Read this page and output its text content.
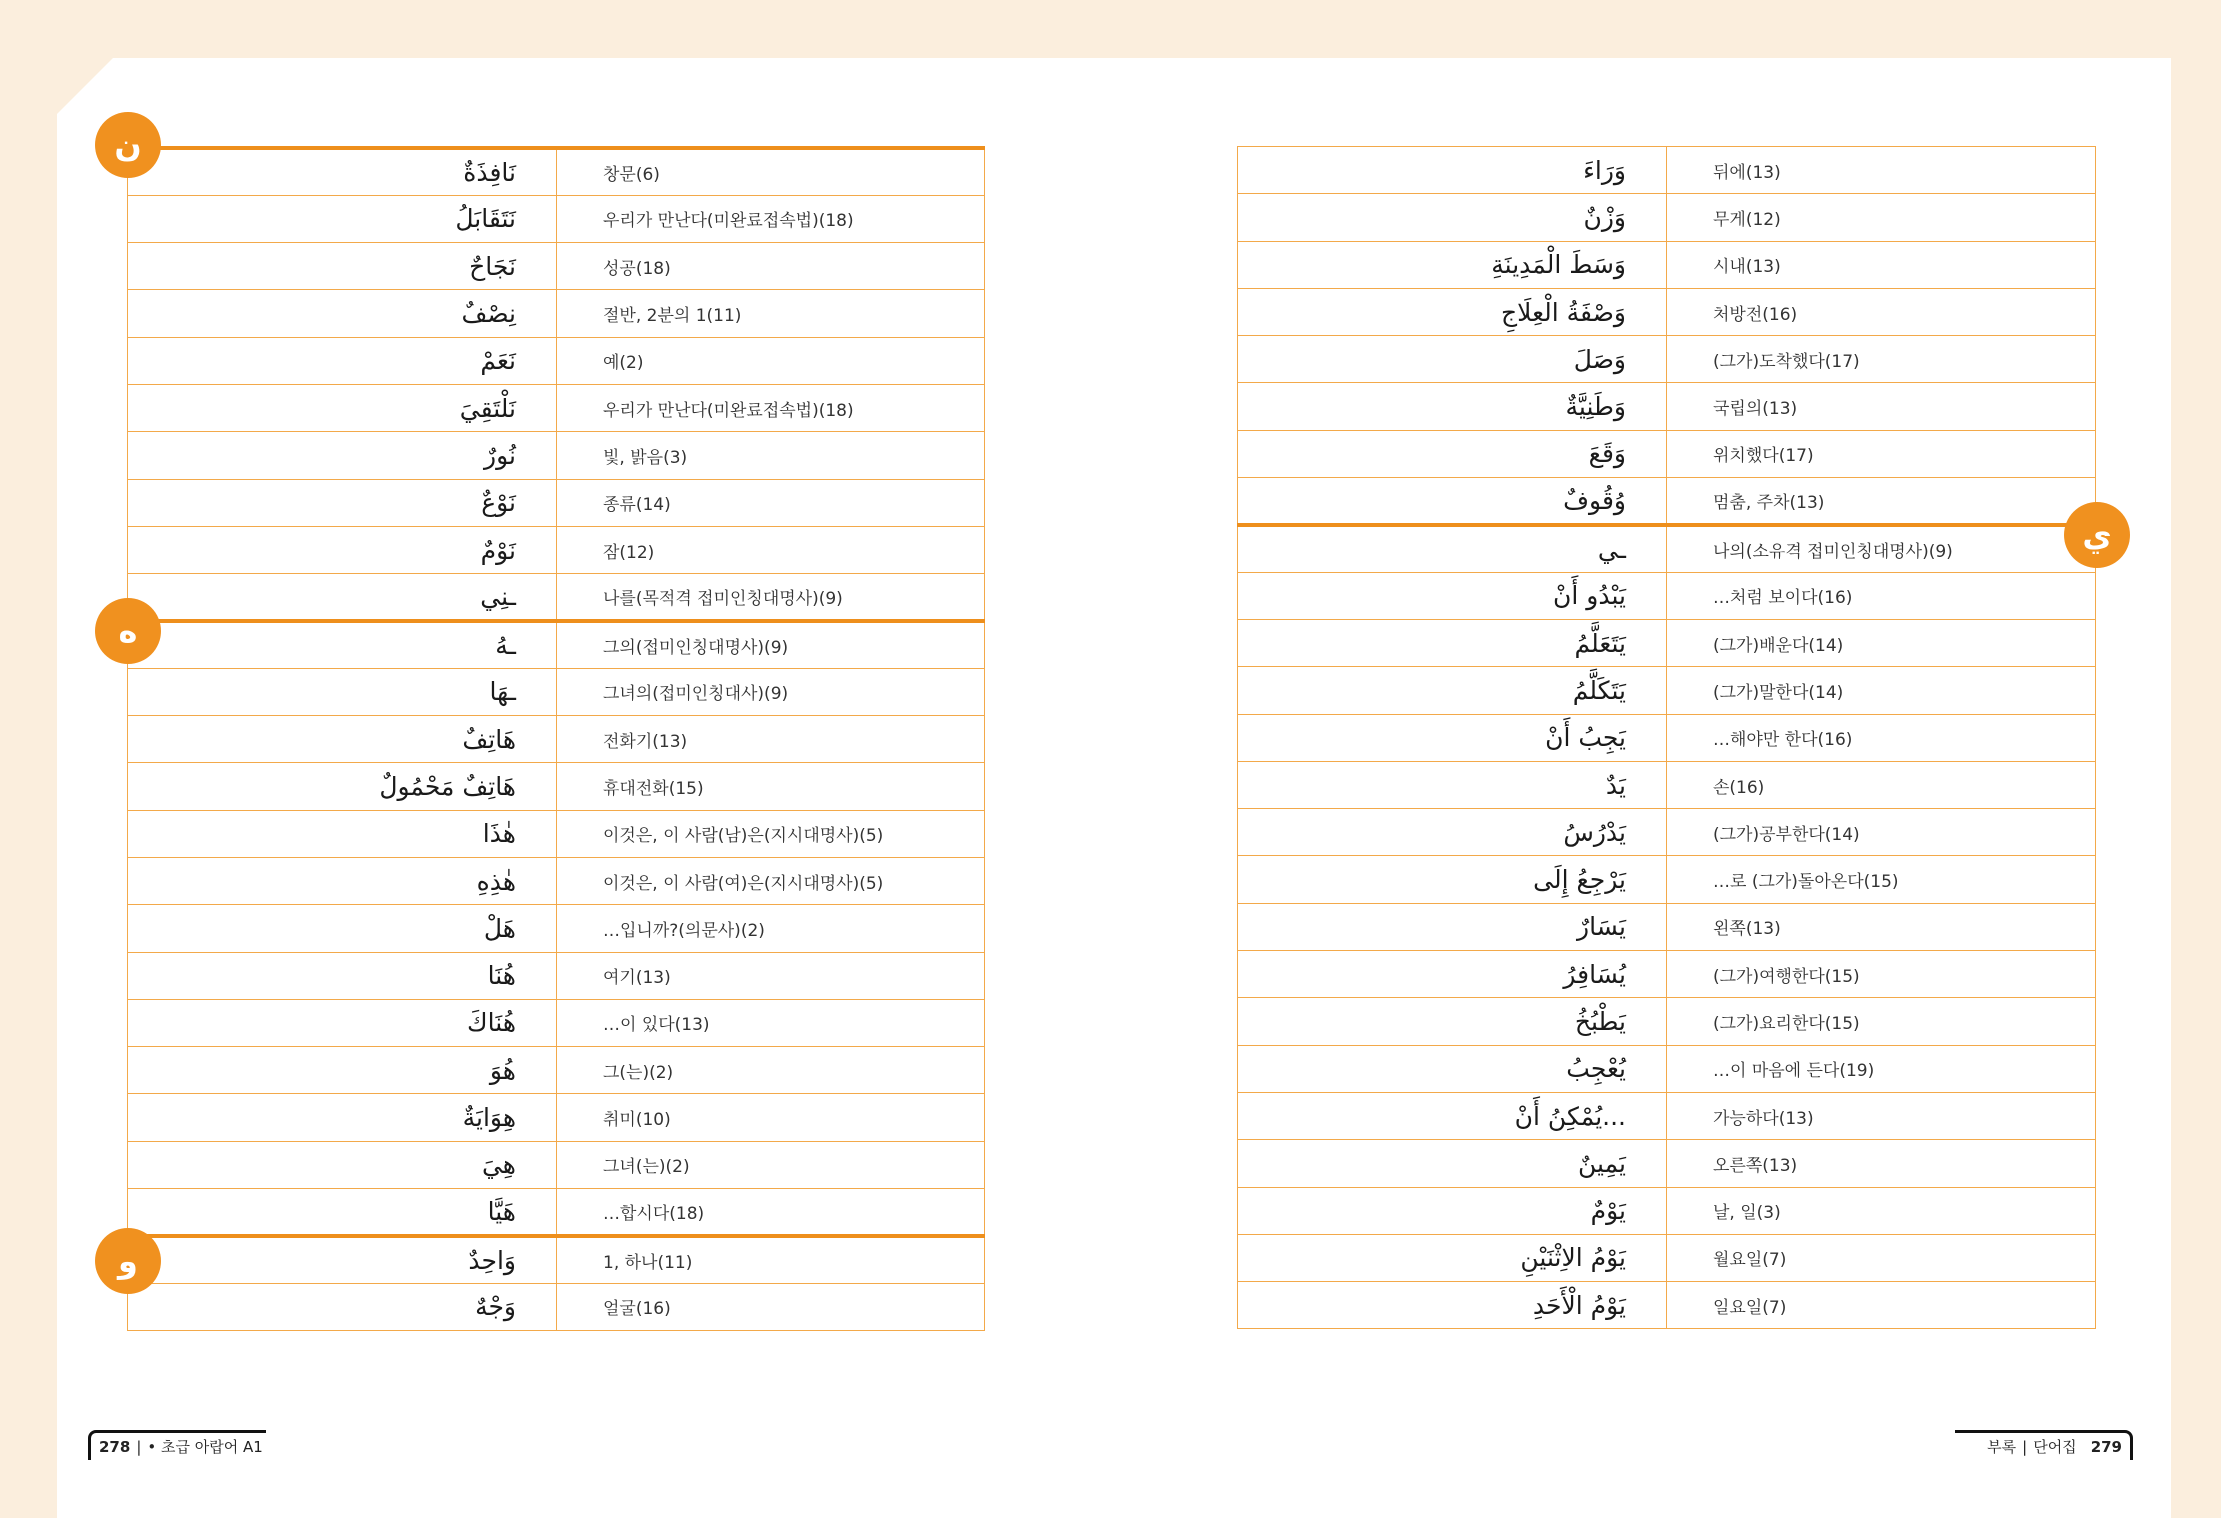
نَافِذَةٌ	창문(6)
نَتَقَابَلُ	우리가 만난다(미완료접속법)(18)
نَجَاحٌ	성공(18)
نِصْفٌ	절반, 2분의 1(11)
نَعَمْ	예(2)
نَلْتَقِيَ	우리가 만난다(미완료접속법)(18)
نُورٌ	빛, 밝음(3)
نَوْعٌ	종류(14)
نَوْمٌ	잠(12)
ـنِي	나를(목적격 접미인칭대명사)(9)
ـهُ	그의(접미인칭대명사)(9)
ـهَا	그녀의(접미인칭대사)(9)
هَاتِفٌ	전화기(13)
هَاتِفٌ مَحْمُولٌ	휴대전화(15)
هٰذَا	이것은, 이 사람(남)은(지시대명사)(5)
هٰذِهِ	이것은, 이 사람(여)은(지시대명사)(5)
هَلْ	…입니까?(의문사)(2)
هُنَا	여기(13)
هُنَاكَ	…이 있다(13)
هُوَ	그(는)(2)
هِوَايَةٌ	취미(10)
هِيَ	그녀(는)(2)
هَيَّا	…합시다(18)
وَاحِدٌ	1, 하나(11)
وَجْهٌ	얼굴(16)
وَرَاءَ	뒤에(13)
وَزْنٌ	무게(12)
وَسَطَ الْمَدِينَةِ	시내(13)
وَصْفَةُ الْعِلَاجِ	처방전(16)
وَصَلَ	(그가)도착했다(17)
وَطَنِيَّةٌ	국립의(13)
وَقَعَ	위치했다(17)
وُقُوفٌ	멈춤, 주차(13)
ـي	나의(소유격 접미인칭대명사)(9)
يَبْدُو أَنْ	…처럼 보이다(16)
يَتَعَلَّمُ	(그가)배운다(14)
يَتَكَلَّمُ	(그가)말한다(14)
يَجِبُ أَنْ	…해야만 한다(16)
يَدٌ	손(16)
يَدْرُسُ	(그가)공부한다(14)
يَرْجِعُ إِلَى	…로 (그가)돌아온다(15)
يَسَارٌ	왼쪽(13)
يُسَافِرُ	(그가)여행한다(15)
يَطْبُخُ	(그가)요리한다(15)
يُعْجِبُ	…이 마음에 든다(19)
...يُمْكِنُ أَنْ	가능하다(13)
يَمِينٌ	오른쪽(13)
يَوْمٌ	날, 일(3)
يَوْمُ الاِثْنَيْنِ	월요일(7)
يَوْمُ الْأَحَدِ	일요일(7)
ن
ه
و
ي
278 | • 초급 아랍어 A1	부록 | 단어집 279
